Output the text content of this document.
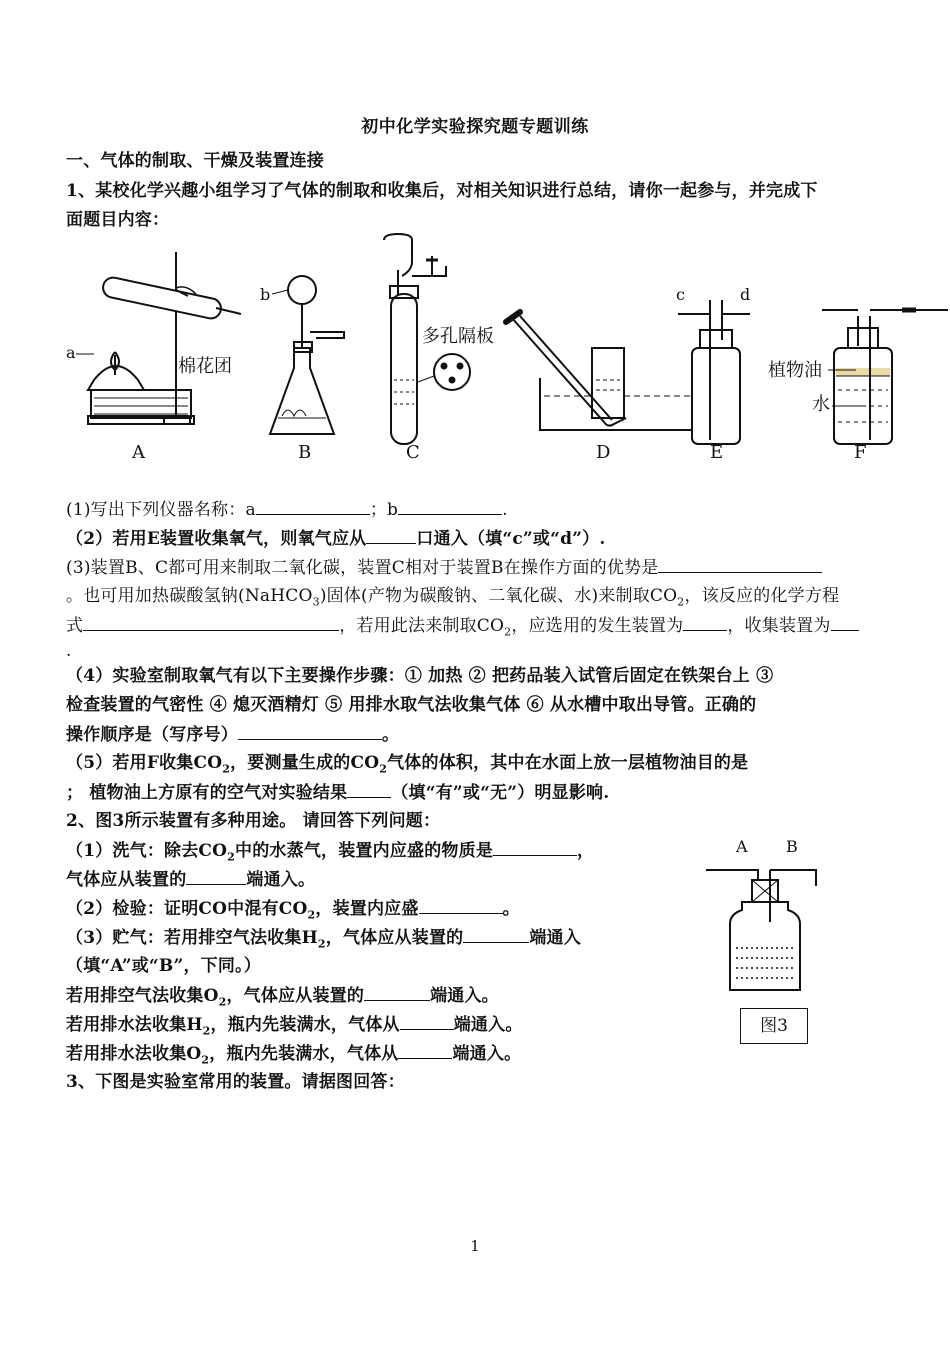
初中化学实验探究题专题训练
一、气体的制取、干燥及装置连接
1、某校化学兴趣小组学习了气体的制取和收集后，对相关知识进行总结，请你一起参与，并完成下
面题目内容：
A	B	C	D	E	F
a
b
棉花团
多孔隔板
c	d
植物油
水
(1)写出下列仪器名称：a	；b	.
（2）若用E装置收集氧气，则氧气应从	口通入（填“c”或“d”）.
(3)装置B、C都可用来制取二氧化碳，装置C相对于装置B在操作方面的优势是
。也可用加热碳酸氢钠(NaHCO$_3$)固体(产物为碳酸钠、二氧化碳、水)来制取$CO_2$，该反应的化学方程
式	，若用此法来制取$CO_2$，应选用的发生装置为	，收集装置为
.
（4）实验室制取氧气有以下主要操作步骤：① 加热 ② 把药品装入试管后固定在铁架台上 ③
检查装置的气密性 ④ 熄灭酒精灯 ⑤ 用排水取气法收集气体 ⑥ 从水槽中取出导管。正确的
操作顺序是（写序号）	。
（5）若用F收集$CO_2$，要测量生成的$CO_2$气体的体积，其中在水面上放一层植物油目的是
； 植物油上方原有的空气对实验结果	（填“有”或“无”）明显影响.
2、图3所示装置有多种用途。 请回答下列问题：
（1）洗气：除去$CO_2$中的水蒸气，装置内应盛的物质是	，
气体应从装置的	端通入。
（2）检验：证明CO中混有$CO_2$，装置内应盛	。
（3）贮气：若用排空气法收集$H_2$，气体应从装置的	端通入
（填“A”或“B”，下同。）
若用排空气法收集$O_2$，气体应从装置的	端通入。
若用排水法收集$H_2$，瓶内先装满水，气体从	端通入。
若用排水法收集$O_2$，瓶内先装满水，气体从	端通入。
A B
图3
3、下图是实验室常用的装置。请据图回答：
1
